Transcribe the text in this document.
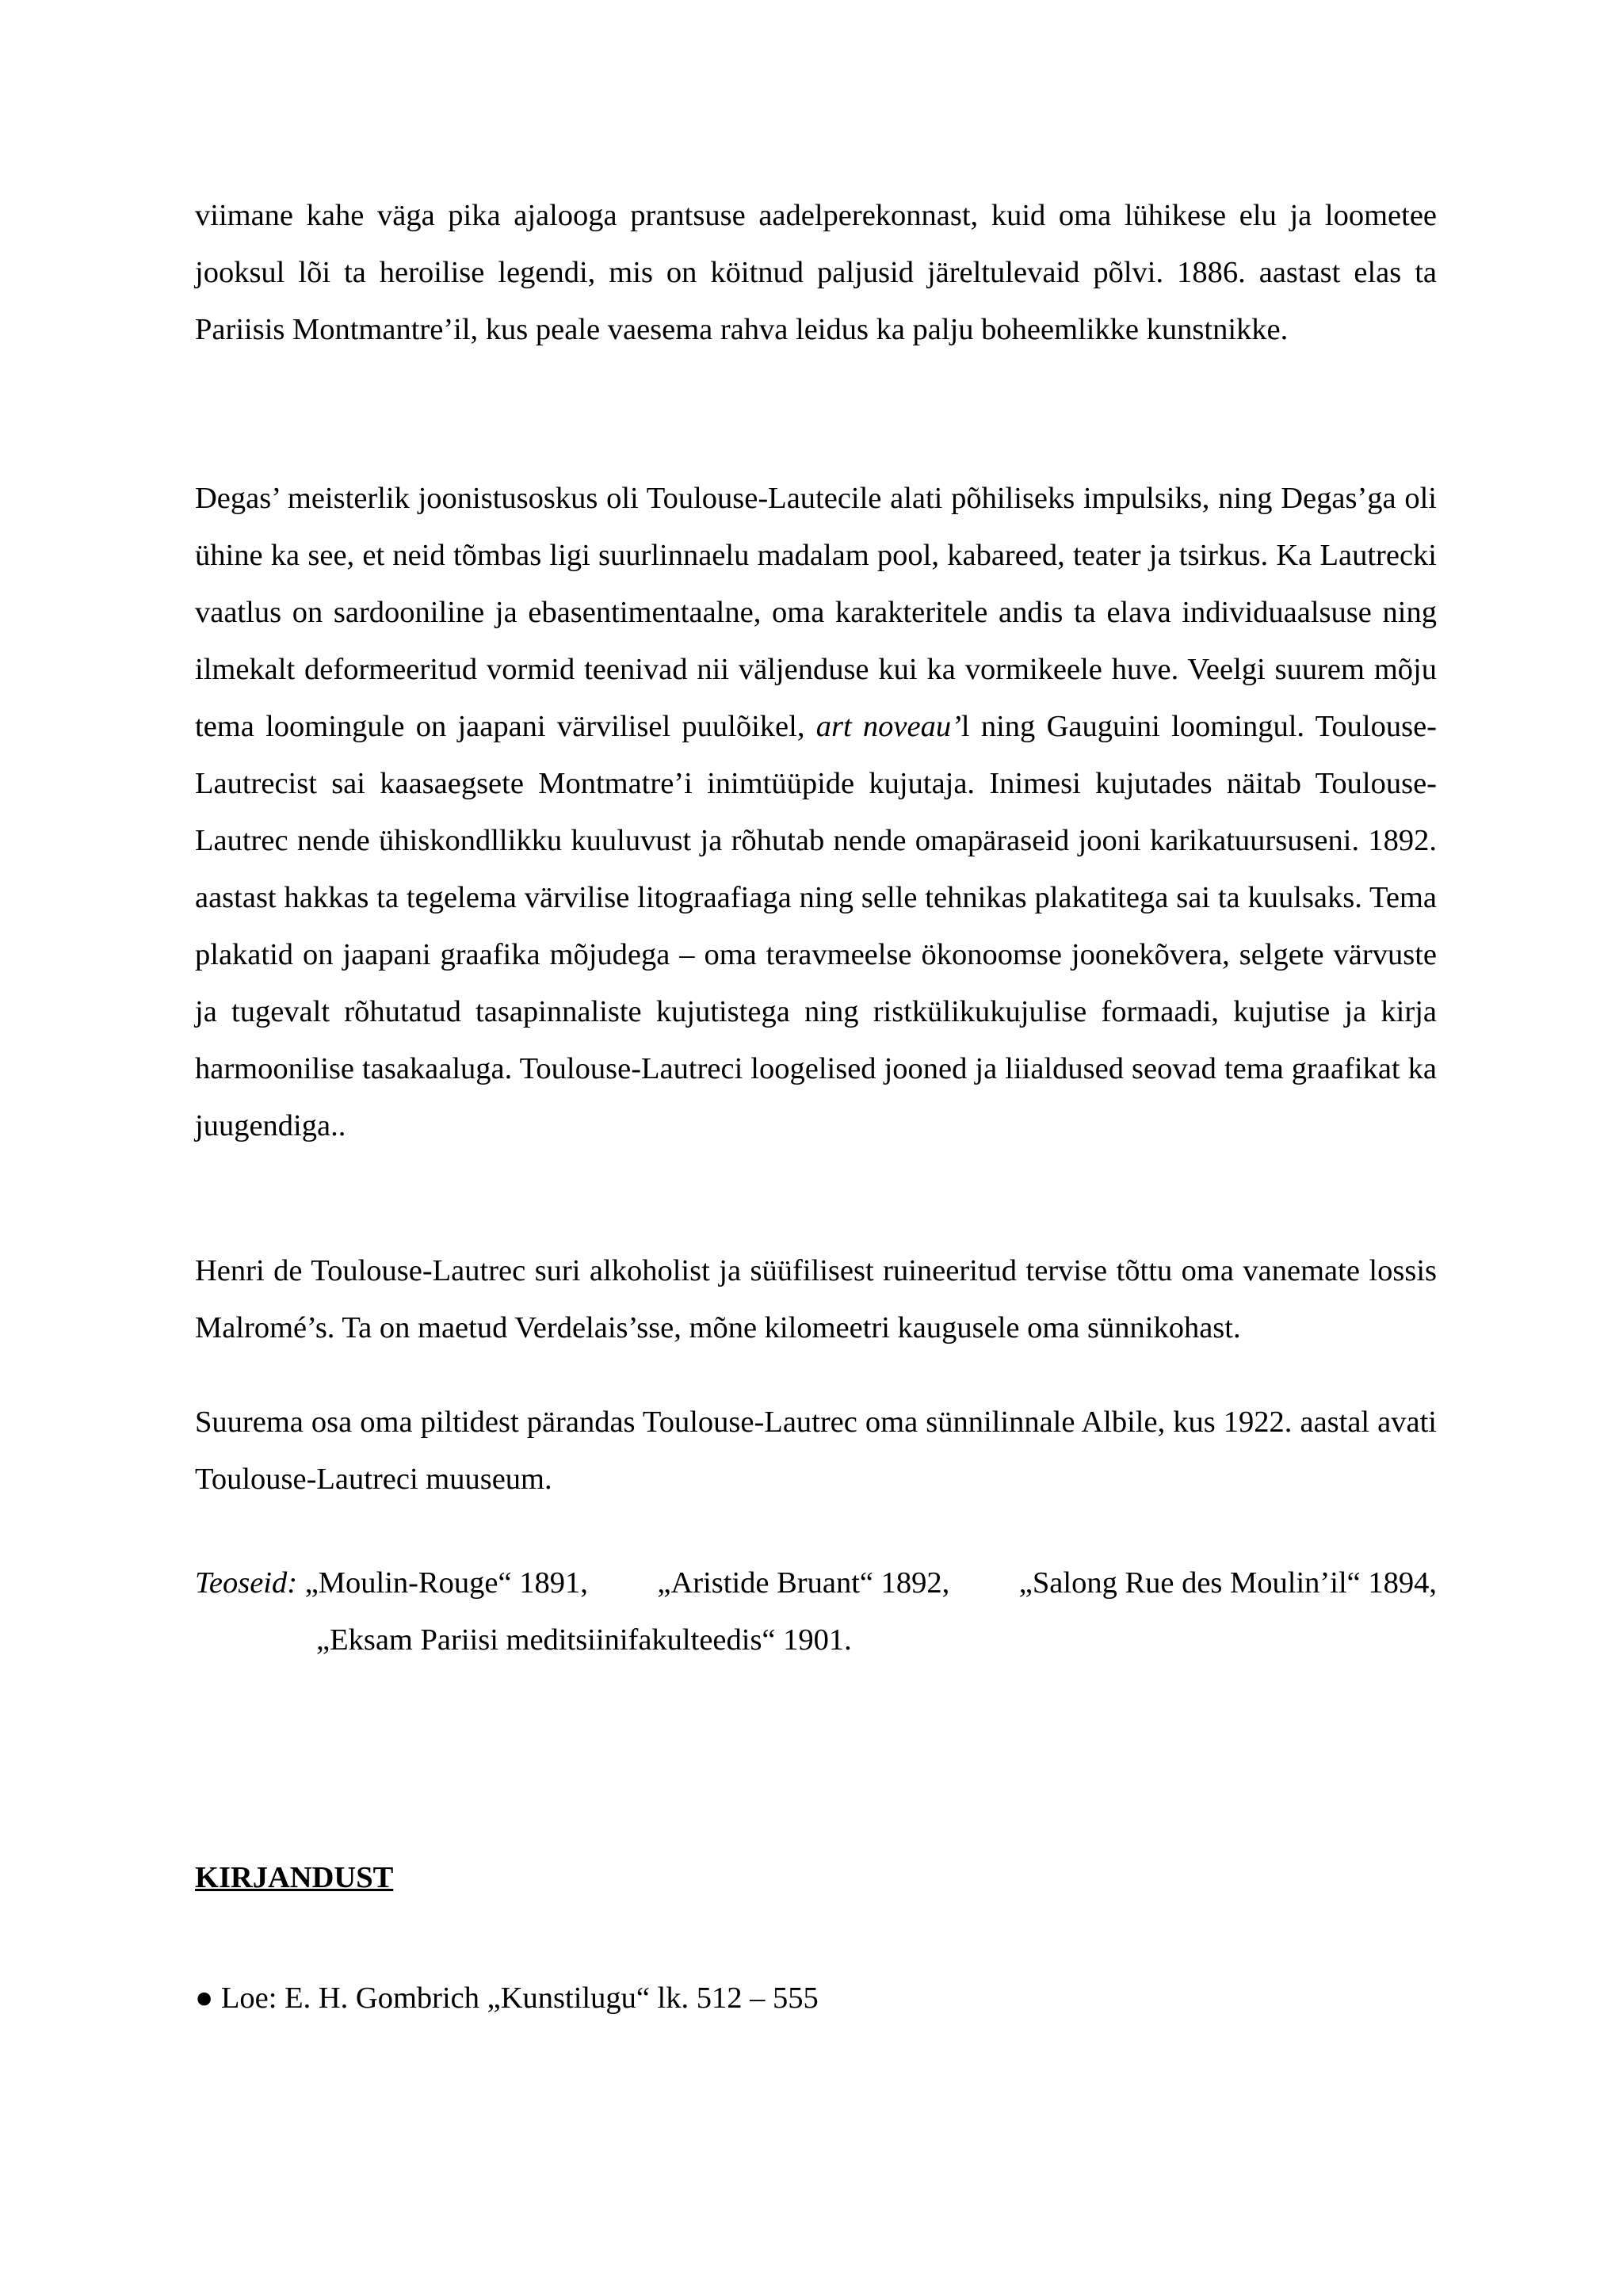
viimane kahe väga pika ajalooga prantsuse aadelperekonnast, kuid oma lühikese elu ja loometee jooksul lõi ta heroilise legendi, mis on köitnud paljusid järeltulevaid põlvi. 1886. aastast elas ta Pariisis Montmantre’il, kus peale vaesema rahva leidus ka palju boheemlikke kunstnikke.

Degas’ meisterlik joonistusoskus oli Toulouse-Lautecile alati põhiliseks impulsiks, ning Degas’ga oli ühine ka see, et neid tõmbas ligi suurlinnaelu madalam pool, kabareed, teater ja tsirkus. Ka Lautrecki vaatlus on sardooniline ja ebasentimentaalne, oma karakteritele andis ta elava individuaalsuse ning ilmekalt deformeeritud vormid teenivad nii väljenduse kui ka vormikeele huve. Veelgi suurem mõju tema loomingule on jaapani värvilisel puulõikel, art noveau’l ning Gauguini loomingul. Toulouse-Lautrecist sai kaasaegsete Montmatre’i inimtüüpide kujutaja. Inimesi kujutades näitab Toulouse-Lautrec nende ühiskondllikku kuuluvust ja rõhutab nende omapäraseid jooni karikatuursuseni. 1892. aastast hakkas ta tegelema värvilise litograafiaga ning selle tehnikas plakatitega sai ta kuulsaks. Tema plakatid on jaapani graafika mõjudega – oma teravmeelse ökonoomse joonekõvera, selgete värvuste ja tugevalt rõhutatud tasapinnaliste kujutistega ning ristkülikukujulise formaadi, kujutise ja kirja harmoonilise tasakaaluga. Toulouse-Lautreci loogelised jooned ja liialdused seovad tema graafikat ka juugendiga..

Henri de Toulouse-Lautrec suri alkoholist ja süüfilisest ruineeritud tervise tõttu oma vanemate lossis Malromé’s. Ta on maetud Verdelais’sse, mõne kilomeetri kaugusele oma sünnikohast.

Suurema osa oma piltidest pärandas Toulouse-Lautrec oma sünnilinnale Albile, kus 1922. aastal avati Toulouse-Lautreci muuseum.

Teoseid: „Moulin-Rouge“ 1891, „Aristide Bruant“ 1892, „Salong Rue des Moulin’il“ 1894,
„Eksam Pariisi meditsiinifakulteedis“ 1901.
KIRJANDUST

● Loe: E. H. Gombrich „Kunstilugu“ lk. 512 – 555
